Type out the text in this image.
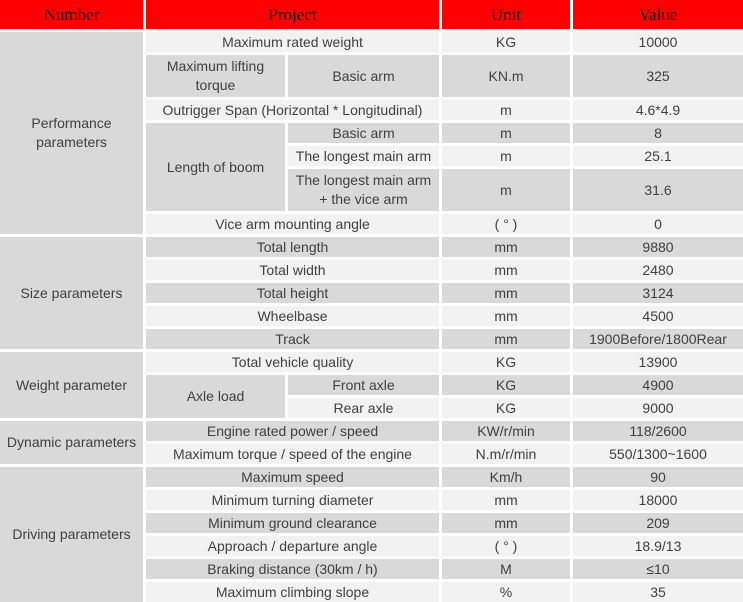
Number	Project		Unit	Value
Performance parameters	Maximum rated weight		KG	10000
	Maximum lifting torque	Basic arm	KN.m	325
	Outrigger Span (Horizontal * Longitudinal)		m	4.6*4.9
	Length of boom	Basic arm	m	8
		The longest main arm	m	25.1
		The longest main arm + the vice arm	m	31.6
	Vice arm mounting angle		( ° )	0
Size parameters	Total length		mm	9880
	Total width		mm	2480
	Total height		mm	3124
	Wheelbase		mm	4500
	Track		mm	1900Before/1800Rear
Weight parameter	Total vehicle quality		KG	13900
	Axle load	Front axle	KG	4900
		Rear axle	KG	9000
Dynamic parameters	Engine rated power / speed		KW/r/min	118/2600
	Maximum torque / speed of the engine		N.m/r/min	550/1300~1600
Driving parameters	Maximum speed		Km/h	90
	Minimum turning diameter		mm	18000
	Minimum ground clearance		mm	209
	Approach / departure angle		( ° )	18.9/13
	Braking distance (30km / h)		M	≤10
	Maximum climbing slope		%	35
